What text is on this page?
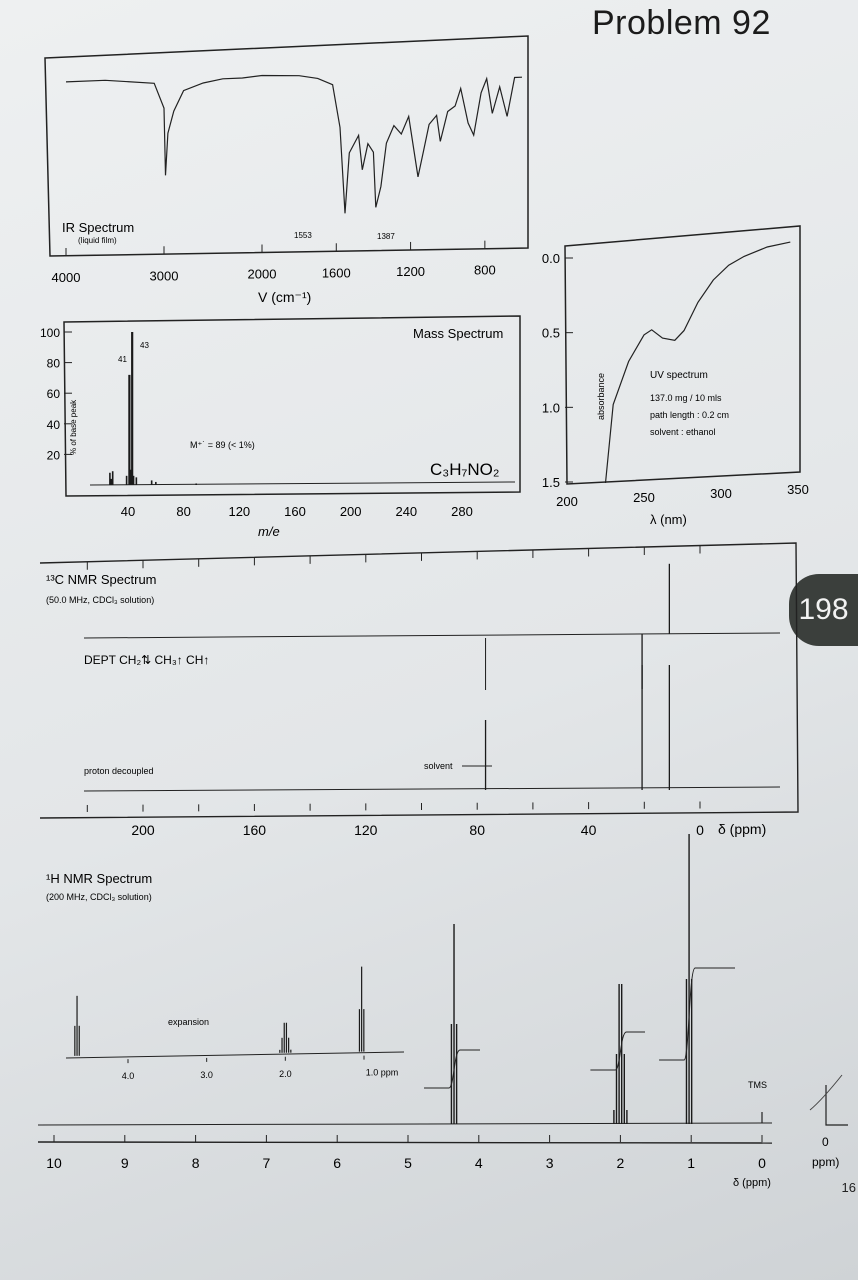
Problem 92
198
16
IR Spectrum
(liquid film)
1553	1387
4000	3000	2000	1600	1200	800
V (cm⁻¹)
100
80
60
40
20
40	80	120	160	200	240	280
% of base peak
Mass Spectrum
41
43
M⁺˙ = 89 (< 1%)
C₃H₇NO₂
m/e
0.0
0.5
1.0
1.5
200	250	300	350
absorbance	UV spectrum
137.0 mg / 10 mls
path length : 0.2 cm
solvent : ethanol
λ (nm)
¹³C NMR Spectrum
(50.0 MHz, CDCl₃ solution)
DEPT CH₂⇅ CH₃↑ CH↑
proton decoupled	solvent
200	160	120	80	40	0 δ (ppm)
¹H NMR Spectrum
(200 MHz, CDCl₃ solution)
10	9	8	7	6	5	4	3	2	1	0
δ (ppm)
TMS
expansion
4.0	3.0	2.0	1.0 ppm
0
ppm)
